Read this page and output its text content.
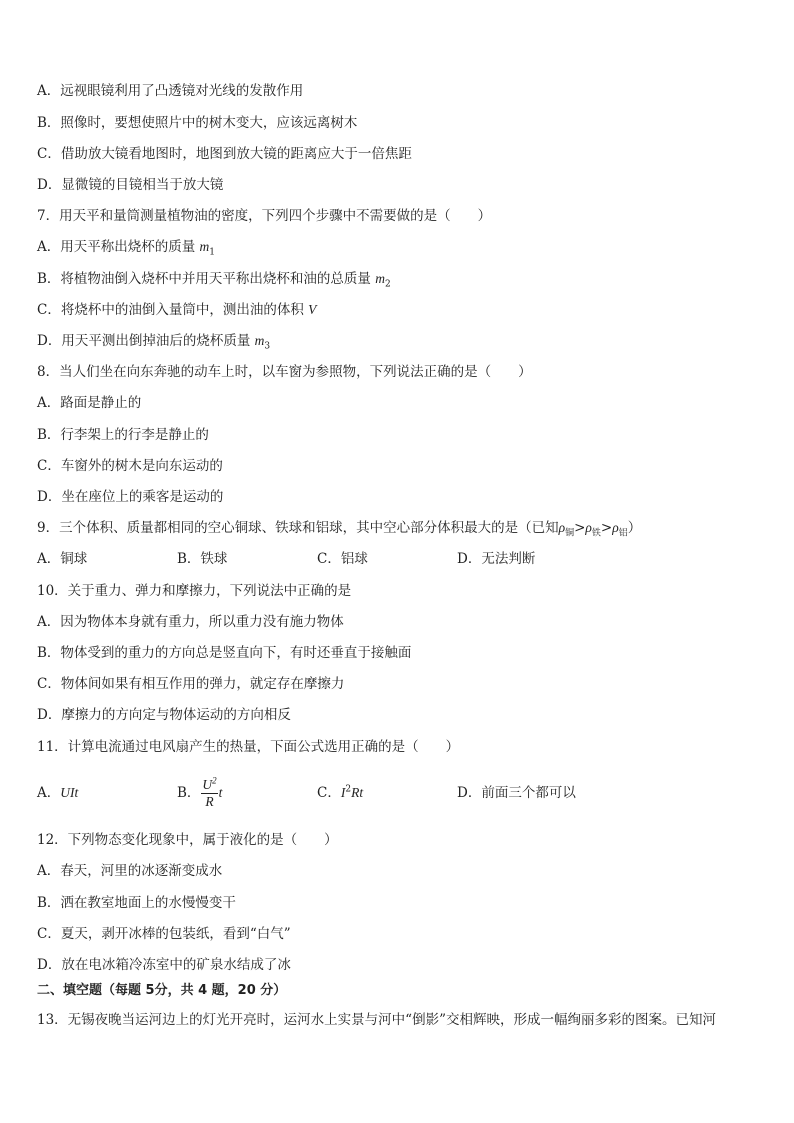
A．远视眼镜利用了凸透镜对光线的发散作用
B．照像时，要想使照片中的树木变大，应该远离树木
C．借助放大镜看地图时，地图到放大镜的距离应大于一倍焦距
D．显微镜的目镜相当于放大镜
7．用天平和量筒测量植物油的密度，下列四个步骤中不需要做的是（　　）
A．用天平称出烧杯的质量 $m_1$
B．将植物油倒入烧杯中并用天平称出烧杯和油的总质量 $m_2$
C．将烧杯中的油倒入量筒中，测出油的体积 V
D．用天平测出倒掉油后的烧杯质量 $m_3$
8．当人们坐在向东奔驰的动车上时，以车窗为参照物，下列说法正确的是（　　）
A．路面是静止的
B．行李架上的行李是静止的
C．车窗外的树木是向东运动的
D．坐在座位上的乘客是运动的
9．三个体积、质量都相同的空心铜球、铁球和铝球，其中空心部分体积最大的是（已知$\rho_铜>\rho_铁>\rho_铝$）
A．铜球	B．铁球	C．铝球	D．无法判断
10．关于重力、弹力和摩擦力，下列说法中正确的是
A．因为物体本身就有重力，所以重力没有施力物体
B．物体受到的重力的方向总是竖直向下，有时还垂直于接触面
C．物体间如果有相互作用的弹力，就定存在摩擦力
D．摩擦力的方向定与物体运动的方向相反
11．计算电流通过电风扇产生的热量，下面公式选用正确的是（　　）
A．UIt	B． $\frac{U^2}{R}$ t	C．$I^2Rt$	D．前面三个都可以
12．下列物态变化现象中，属于液化的是（　　）
A．春天，河里的冰逐渐变成水
B．洒在教室地面上的水慢慢变干
C．夏天，剥开冰棒的包装纸，看到“白气”
D．放在电冰箱冷冻室中的矿泉水结成了冰
二、填空题（每题 5分，共 4 题，20 分）
13．无锡夜晚当运河边上的灯光开亮时，运河水上实景与河中“倒影”交相辉映，形成一幅绚丽多彩的图案。已知河
